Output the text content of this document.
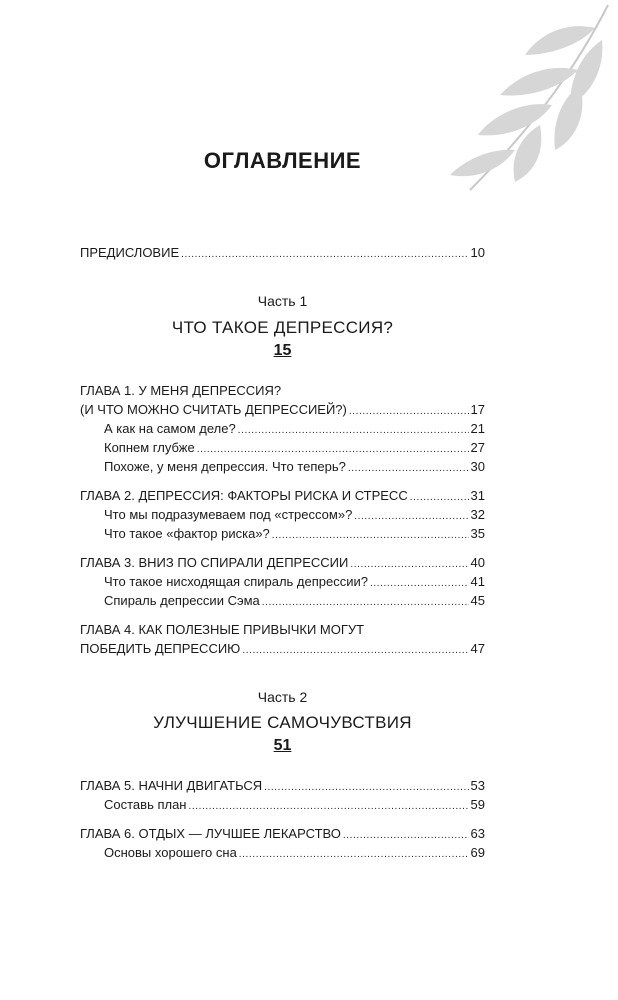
ОГЛАВЛЕНИЕ
ПРЕДИСЛОВИЕ .....	10
Часть 1
ЧТО ТАКОЕ ДЕПРЕССИЯ?
15
ГЛАВА 1. У МЕНЯ ДЕПРЕССИЯ?
(И ЧТО МОЖНО СЧИТАТЬ ДЕПРЕССИЕЙ?) .....	17
А как на самом деле? .....	21
Копнем глубже .....	27
Похоже, у меня депрессия. Что теперь? .....	30
ГЛАВА 2. ДЕПРЕССИЯ: ФАКТОРЫ РИСКА И СТРЕСС .....	31
Что мы подразумеваем под «стрессом»? .....	32
Что такое «фактор риска»? .....	35
ГЛАВА 3. ВНИЗ ПО СПИРАЛИ ДЕПРЕССИИ .....	40
Что такое нисходящая спираль депрессии? .....	41
Спираль депрессии Сэма .....	45
ГЛАВА 4. КАК ПОЛЕЗНЫЕ ПРИВЫЧКИ МОГУТ
ПОБЕДИТЬ ДЕПРЕССИЮ .....	47
Часть 2
УЛУЧШЕНИЕ САМОЧУВСТВИЯ
51
ГЛАВА 5. НАЧНИ ДВИГАТЬСЯ .....	53
Составь план .....	59
ГЛАВА 6. ОТДЫХ — ЛУЧШЕЕ ЛЕКАРСТВО .....	63
Основы хорошего сна .....	69
